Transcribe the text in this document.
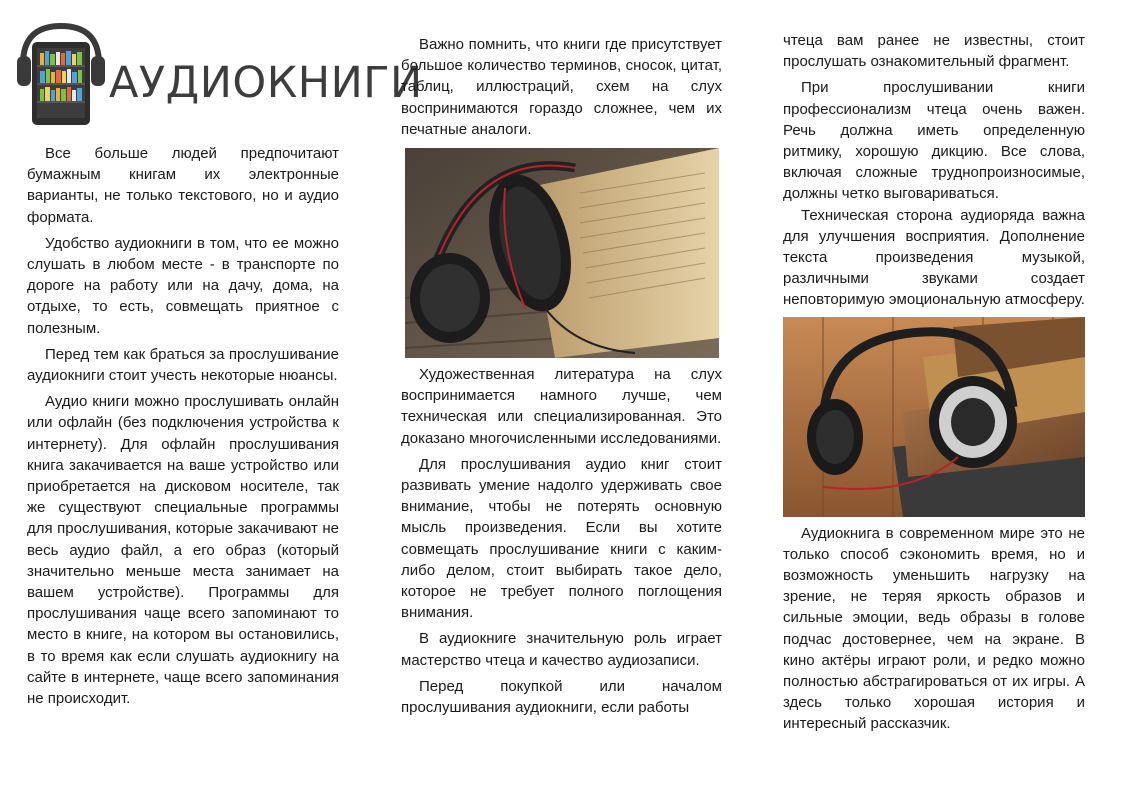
АУДИОКНИГИ

Все больше людей предпочитают бумажным книгам их электронные варианты, не только текстового, но и аудио формата.

Удобство аудиокниги в том, что ее можно слушать в любом месте - в транспорте по дороге на работу или на дачу, дома, на отдыхе, то есть, совмещать приятное с полезным.

Перед тем как браться за прослушивание аудиокниги стоит учесть некоторые нюансы.

Аудио книги можно прослушивать онлайн или офлайн (без подключения устройства к интернету). Для офлайн прослушивания книга закачивается на ваше устройство или приобретается на дисковом носителе, так же существуют специальные программы для прослушивания, которые закачивают не весь аудио файл, а его образ (который значительно меньше места занимает на вашем устройстве). Программы для прослушивания чаще всего запоминают то место в книге, на котором вы остановились, в то время как если слушать аудиокнигу на сайте в интернете, чаще всего запоминания не происходит.

Важно помнить, что книги где присутствует большое количество терминов, сносок, цитат, таблиц, иллюстраций, схем на слух воспринимаются гораздо сложнее, чем их печатные аналоги.

Художественная литература на слух воспринимается намного лучше, чем техническая или специализированная. Это доказано многочисленными исследованиями.

Для прослушивания аудио книг стоит развивать умение надолго удерживать свое внимание, чтобы не потерять основную мысль произведения. Если вы хотите совмещать прослушивание книги с каким-либо делом, стоит выбирать такое дело, которое не требует полного поглощения внимания.

В аудиокниге значительную роль играет мастерство чтеца и качество аудиозаписи.

Перед покупкой или началом прослушивания аудиокниги, если работы

чтеца вам ранее не известны, стоит прослушать ознакомительный фрагмент.

При прослушивании книги профессионализм чтеца очень важен. Речь должна иметь определенную ритмику, хорошую дикцию. Все слова, включая сложные труднопроизносимые, должны четко выговариваться.

Техническая сторона аудиоряда важна для улучшения восприятия. Дополнение текста произведения музыкой, различными звуками создает неповторимую эмоциональную атмосферу.

Аудиокнига в современном мире это не только способ сэкономить время, но и возможность уменьшить нагрузку на зрение, не теряя яркость образов и сильные эмоции, ведь образы в голове подчас достовернее, чем на экране. В кино актёры играют роли, и редко можно полностью абстрагироваться от их игры. А здесь только хорошая история и интересный рассказчик.
